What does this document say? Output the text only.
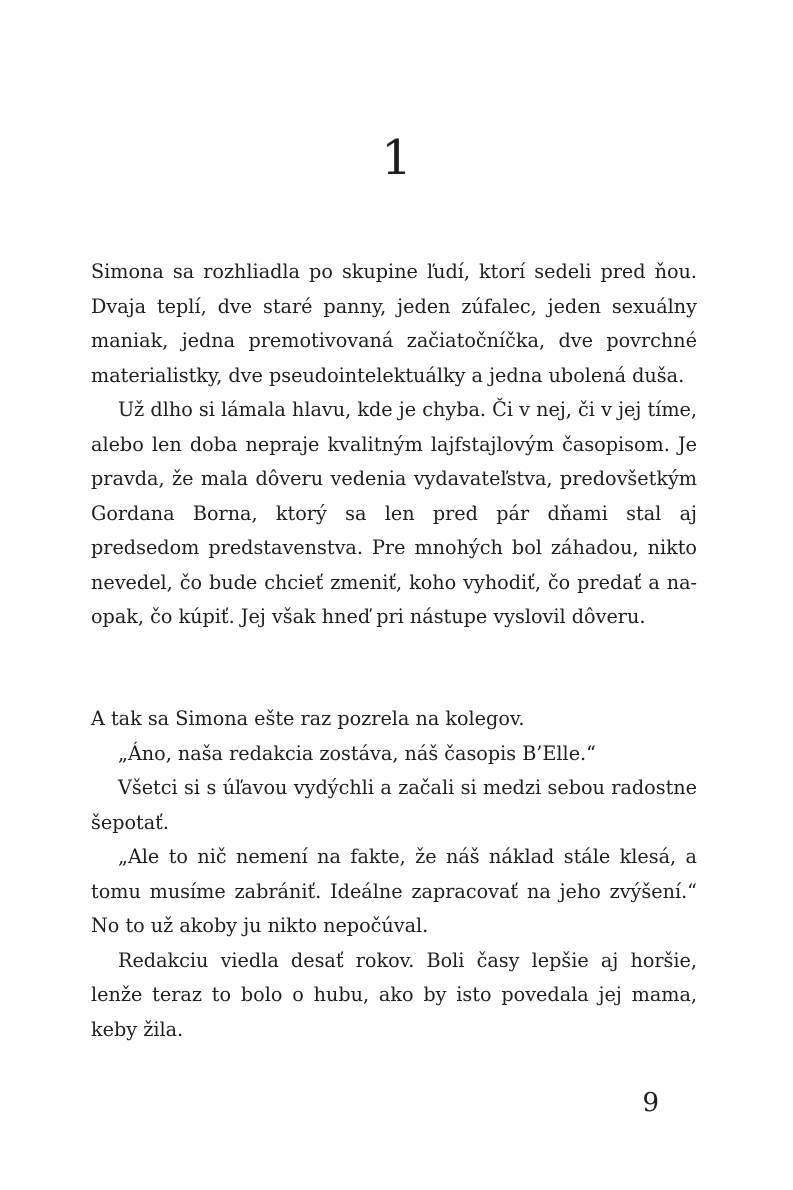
1

Simona sa rozhliadla po skupine ľudí, ktorí sedeli pred ňou. Dvaja teplí, dve staré panny, jeden zúfalec, jeden sexuálny maniak, jedna premotivovaná začiatočníčka, dve povrchné materialistky, dve pseudointelektuálky a jedna ubolená duša.

Už dlho si lámala hlavu, kde je chyba. Či v nej, či v jej tíme, alebo len doba nepraje kvalitným lajfstajlovým časopisom. Je pravda, že mala dôveru vedenia vydavateľstva, predovšetkým Gordana Borna, ktorý sa len pred pár dňami stal aj predsedom predstavenstva. Pre mnohých bol záhadou, nikto nevedel, čo bude chcieť zmeniť, koho vyhodiť, čo predať a naopak, čo kúpiť. Jej však hneď pri nástupe vyslovil dôveru.

A tak sa Simona ešte raz pozrela na kolegov.

„Áno, naša redakcia zostáva, náš časopis B’Elle.“

Všetci si s úľavou vydýchli a začali si medzi sebou radostne šepotať.

„Ale to nič nemení na fakte, že náš náklad stále klesá, a tomu musíme zabrániť. Ideálne zapracovať na jeho zvýšení.“ No to už akoby ju nikto nepočúval.

Redakciu viedla desať rokov. Boli časy lepšie aj horšie, lenže teraz to bolo o hubu, ako by isto povedala jej mama, keby žila.

9
